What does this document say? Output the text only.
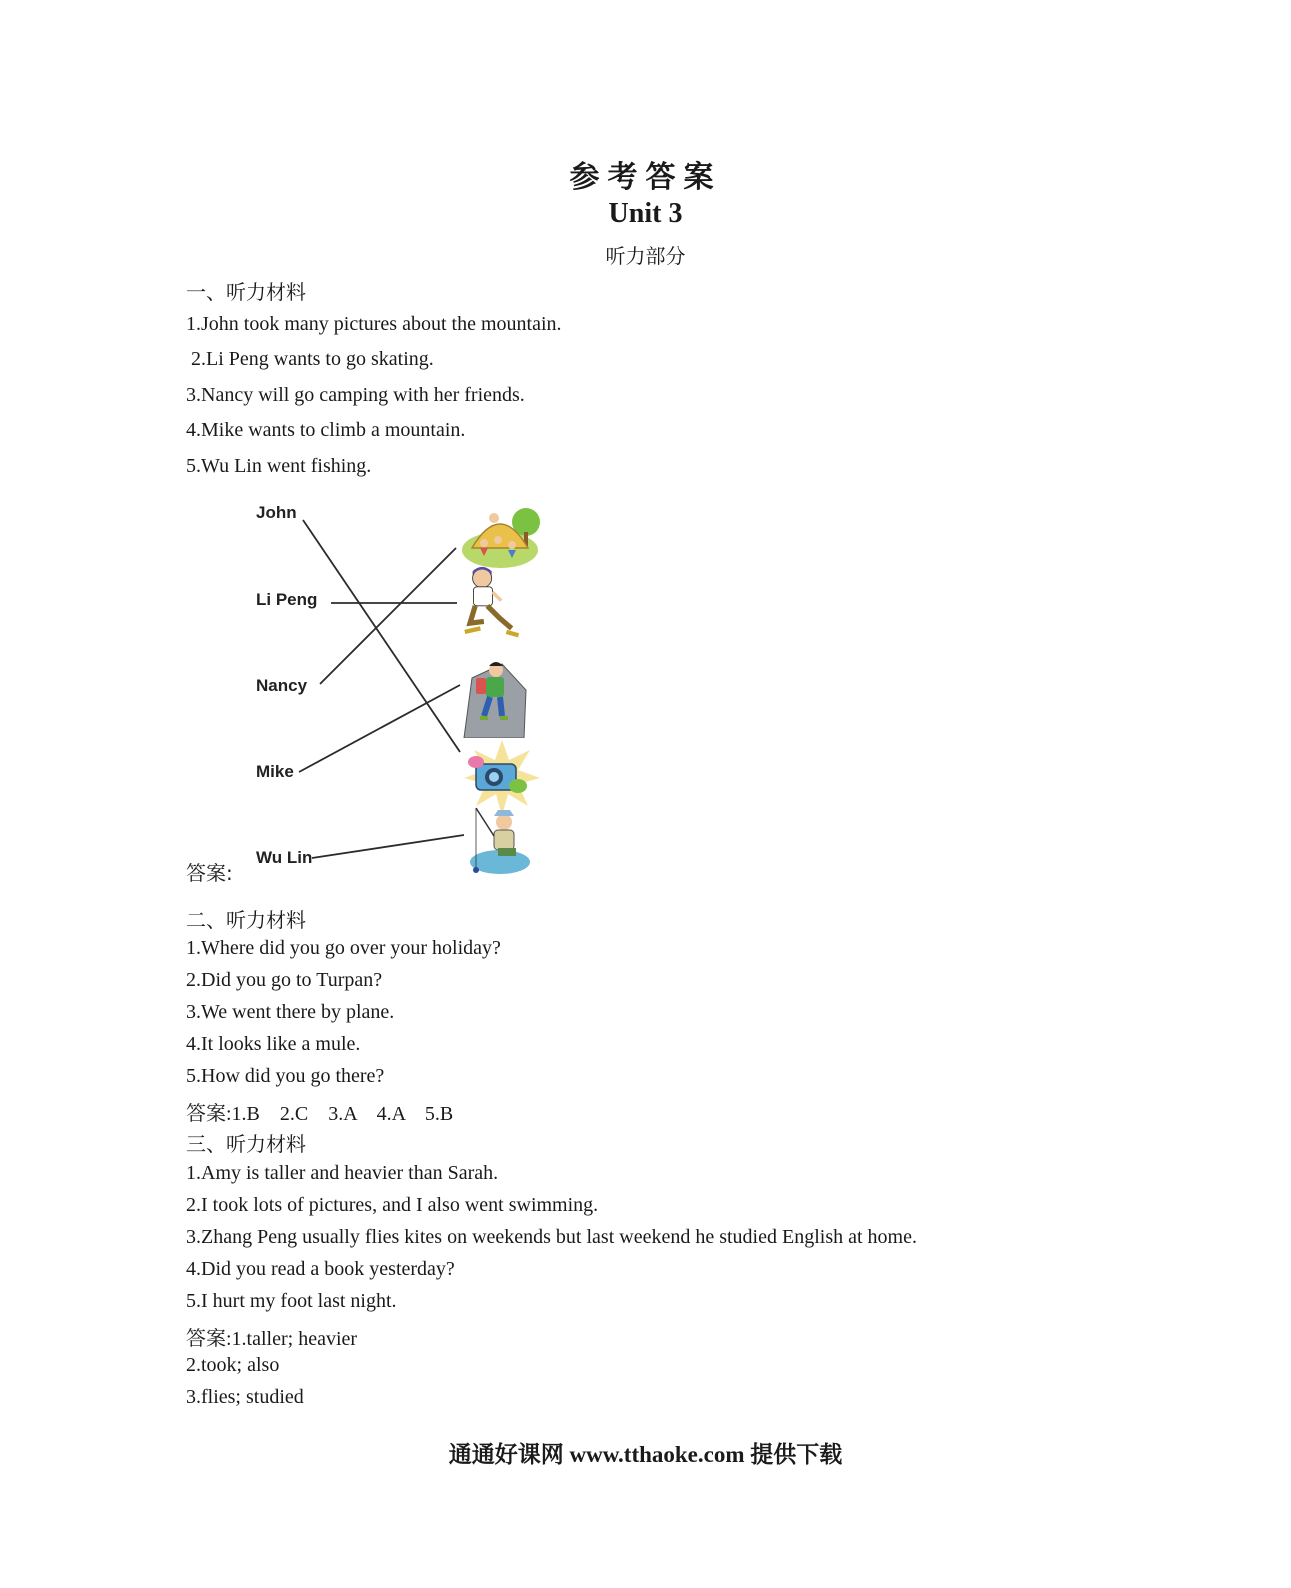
参考答案
Unit 3
听力部分
一、听力材料
1.John took many pictures about the mountain.
2.Li Peng wants to go skating.
3.Nancy will go camping with her friends.
4.Mike wants to climb a mountain.
5.Wu Lin went fishing.
答案:
John
Li Peng
Nancy
Mike
Wu Lin
二、听力材料
1.Where did you go over your holiday?
2.Did you go to Turpan?
3.We went there by plane.
4.It looks like a mule.
5.How did you go there?
答案:1.B    2.C    3.A    4.A    5.B
三、听力材料
1.Amy is taller and heavier than Sarah.
2.I took lots of pictures, and I also went swimming.
3.Zhang Peng usually flies kites on weekends but last weekend he studied English at home.
4.Did you read a book yesterday?
5.I hurt my foot last night.
答案:1.taller; heavier
2.took; also
3.flies; studied
通通好课网 www.tthaoke.com 提供下载
